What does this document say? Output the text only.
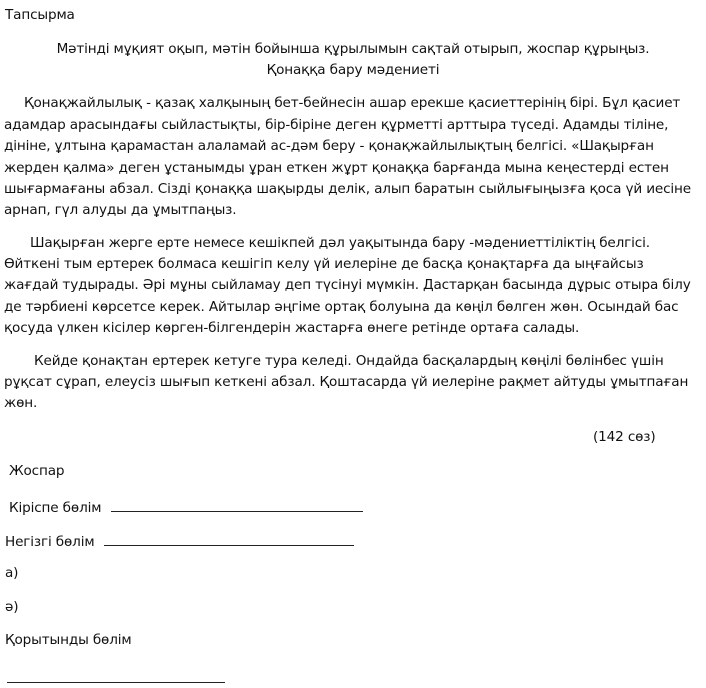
Тапсырма
Мәтінді мұқият оқып, мәтін бойынша құрылымын сақтай отырып, жоспар құрыңыз.
Қонаққа бару мәдениеті
Қонақжайлылық - қазақ халқының бет-бейнесін ашар ерекше қасиеттерінің бірі. Бұл қасиет
адамдар арасындағы сыйластықты, бір-біріне деген құрметті арттыра түседі. Адамды тіліне,
дініне, ұлтына қарамастан алаламай ас-дәм беру - қонақжайлылықтың белгісі. «Шақырған
жерден қалма» деген ұстанымды ұран еткен жұрт қонаққа барғанда мына кеңестерді естен
шығармағаны абзал. Сізді қонаққа шақырды делік, алып баратын сыйлығыңызға қоса үй иесіне
арнап, гүл алуды да ұмытпаңыз.
Шақырған жерге ерте немесе кешікпей дәл уақытында бару -мәдениеттіліктің белгісі.
Өйткені тым ертерек болмаса кешігіп келу үй иелеріне де басқа қонақтарға да ыңғайсыз
жағдай тудырады. Әрі мұны сыйламау деп түсінуі мүмкін. Дастарқан басында дұрыс отыра білу
де тәрбиені көрсетсе керек. Айтылар әңгіме ортақ болуына да көңіл бөлген жөн. Осындай бас
қосуда үлкен кісілер көрген-білгендерін жастарға өнеге ретінде ортаға салады.
Кейде қонақтан ертерек кетуге тура келеді. Ондайда басқалардың көңілі бөлінбес үшін
рұқсат сұрап, елеусіз шығып кеткені абзал. Қоштасарда үй иелеріне рақмет айтуды ұмытпаған
жөн.
(142 сөз)
Жоспар
Кіріспе бөлім
Негізгі бөлім
а)
ә)
Қорытынды бөлім
